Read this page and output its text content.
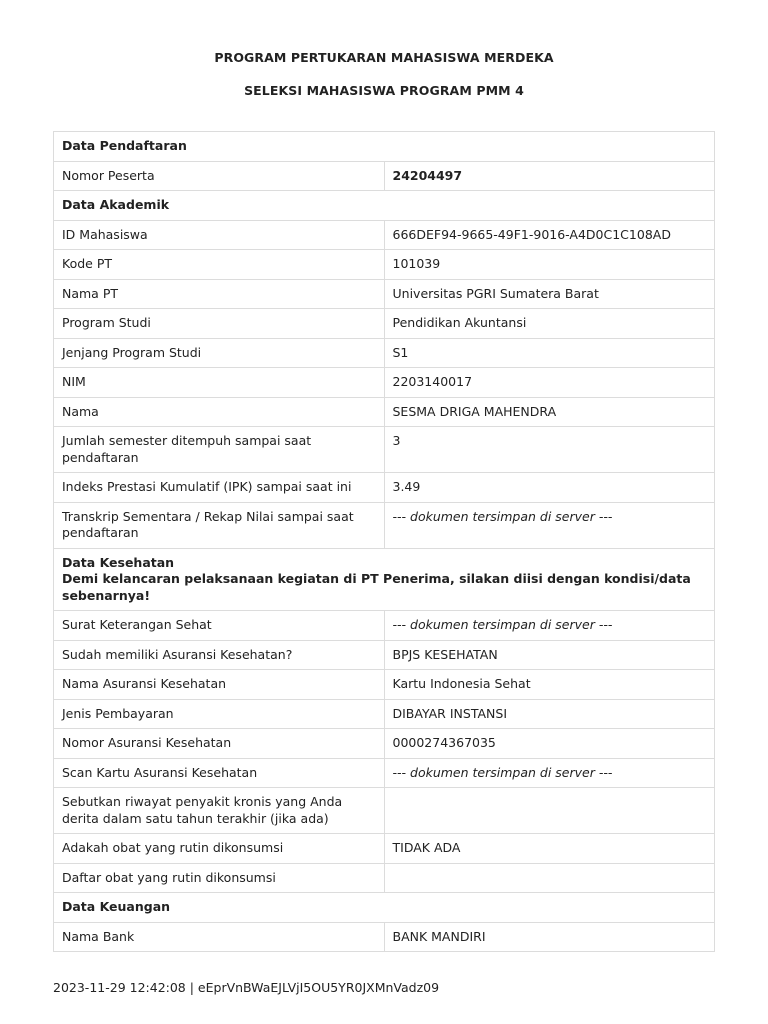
PROGRAM PERTUKARAN MAHASISWA MERDEKA
SELEKSI MAHASISWA PROGRAM PMM 4
Data Pendaftaran	
Nomor Peserta	24204497
Data Akademik	
ID Mahasiswa	666DEF94-9665-49F1-9016-A4D0C1C108AD
Kode PT	101039
Nama PT	Universitas PGRI Sumatera Barat
Program Studi	Pendidikan Akuntansi
Jenjang Program Studi	S1
NIM	2203140017
Nama	SESMA DRIGA MAHENDRA
Jumlah semester ditempuh sampai saat pendaftaran	3
Indeks Prestasi Kumulatif (IPK) sampai saat ini	3.49
Transkrip Sementara / Rekap Nilai sampai saat pendaftaran	--- dokumen tersimpan di server ---

Data Kesehatan
Demi kelancaran pelaksanaan kegiatan di PT Penerima, silakan diisi dengan kondisi/data sebenarnya!	

Surat Keterangan Sehat	--- dokumen tersimpan di server ---
Sudah memiliki Asuransi Kesehatan?	BPJS KESEHATAN
Nama Asuransi Kesehatan	Kartu Indonesia Sehat
Jenis Pembayaran	DIBAYAR INSTANSI
Nomor Asuransi Kesehatan	0000274367035
Scan Kartu Asuransi Kesehatan	--- dokumen tersimpan di server ---
Sebutkan riwayat penyakit kronis yang Anda derita dalam satu tahun terakhir (jika ada)	
Adakah obat yang rutin dikonsumsi	TIDAK ADA
Daftar obat yang rutin dikonsumsi	
Data Keuangan	
Nama Bank	BANK MANDIRI
2023-11-29 12:42:08 | eEprVnBWaEJLVjI5OU5YR0JXMnVadz09
